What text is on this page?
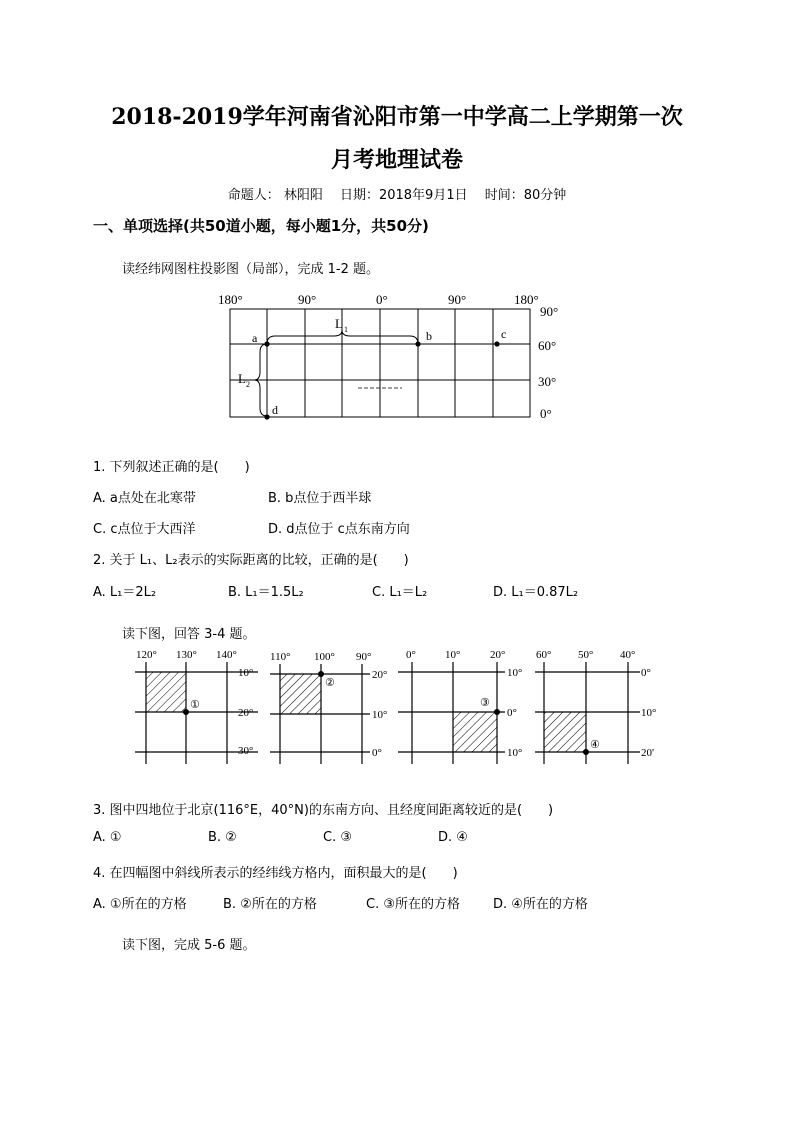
2018-2019学年河南省沁阳市第一中学高二上学期第一次
月考地理试卷
命题人： 林阳阳　 日期：2018年9月1日　 时间：80分钟
一、单项选择(共50道小题，每小题1分，共50分)
读经纬网图柱投影图（局部），完成 1-2 题。
180°	90°	0°	90°	180°
90°
60°
30°
0°
L 1
L 2
a	b	c
d
1. 下列叙述正确的是(　　)
A. a点处在北寒带	B. b点位于西半球
C. c点位于大西洋	D. d点位于 c点东南方向
2. 关于 L₁、L₂表示的实际距离的比较，正确的是(　　)
A. L₁＝2L₂	B. L₁＝1.5L₂	C. L₁＝L₂	D. L₁＝0.87L₂
读下图，回答 3-4 题。
①
120° 130° 140°
10°
20°
30°
②
110° 100° 90°
20°
10°
0°
③
0°	10°	20°
10°
0°
10°
④
60° 50° 40°
0°
10°
20'
3. 图中四地位于北京(116°E，40°N)的东南方向、且经度间距离较近的是(　　)
A. ①	B. ②	C. ③	D. ④
4. 在四幅图中斜线所表示的经纬线方格内，面积最大的是(　　)
A. ①所在的方格	B. ②所在的方格	C. ③所在的方格	D. ④所在的方格
读下图，完成 5-6 题。
